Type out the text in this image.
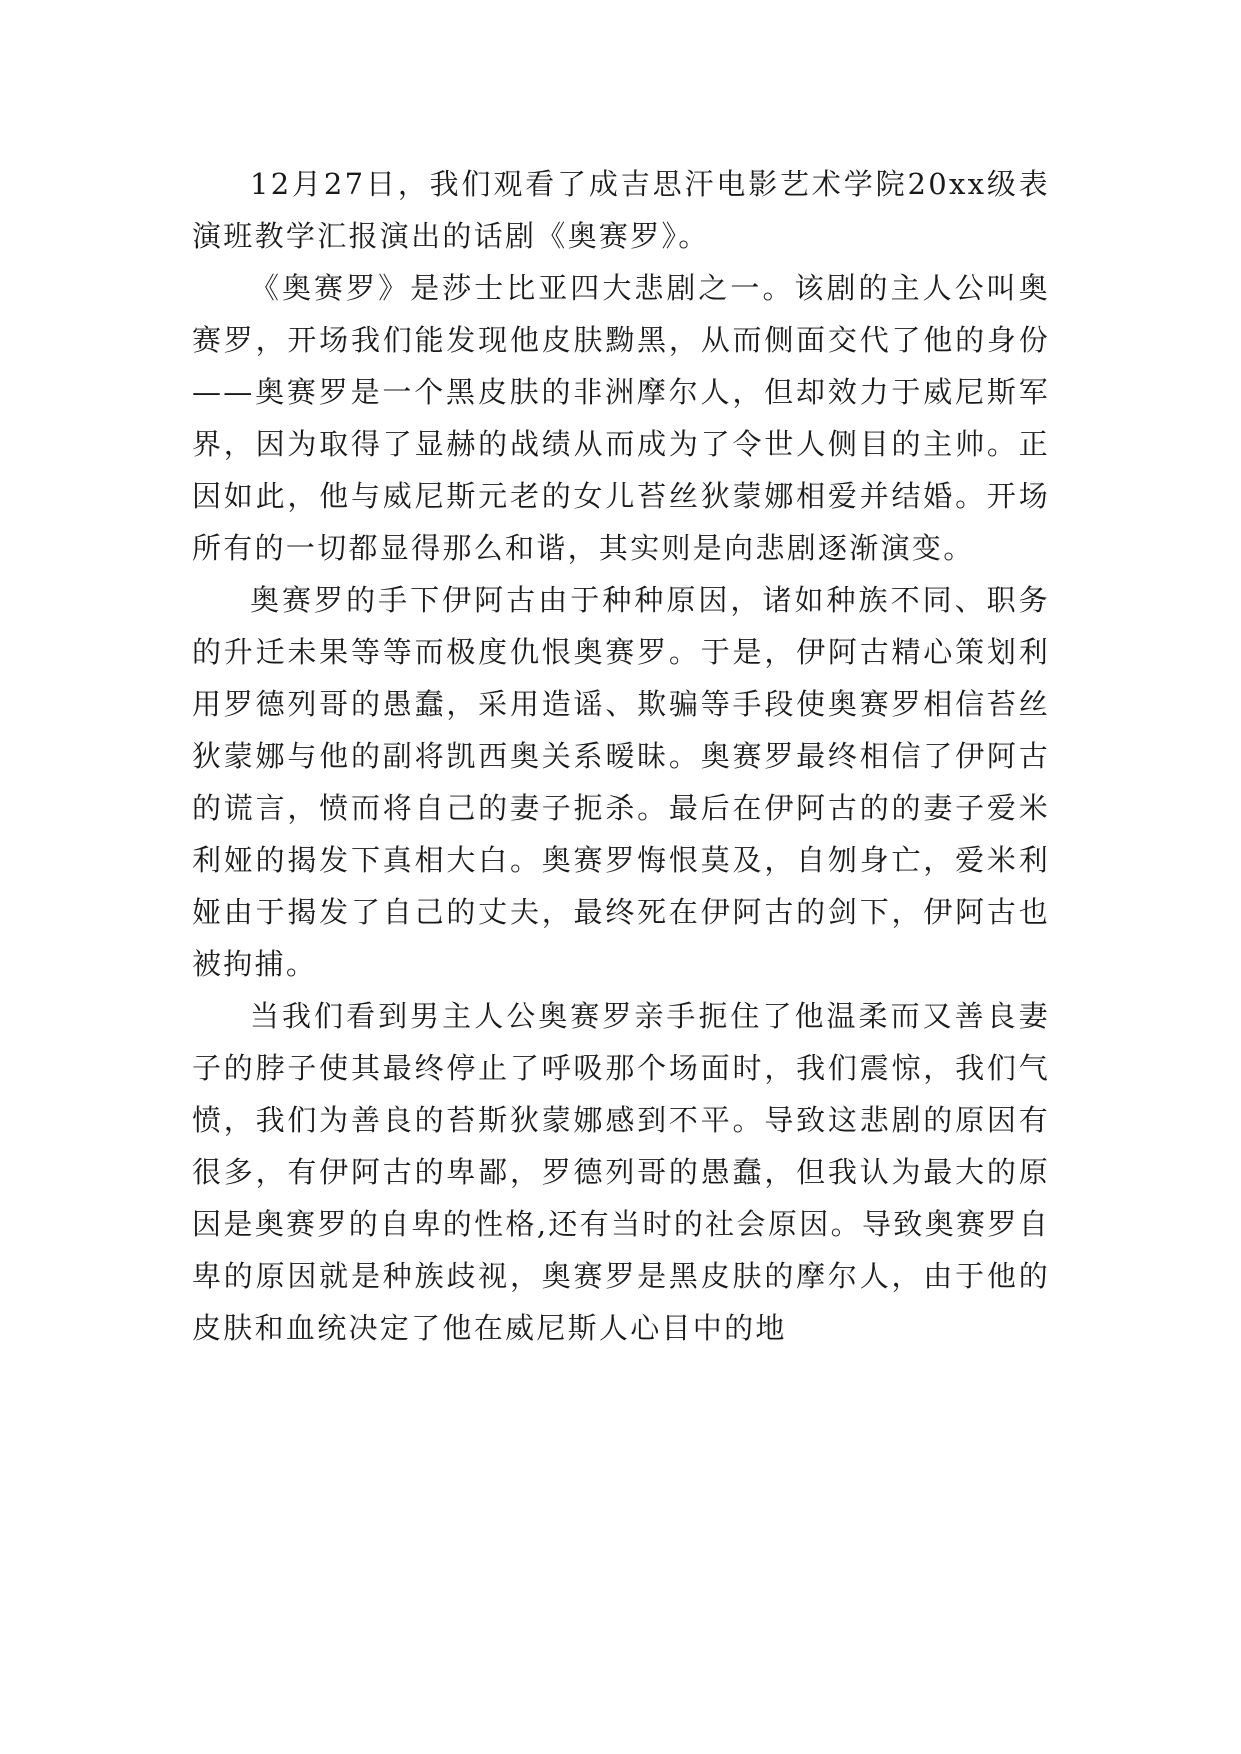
12月27日，我们观看了成吉思汗电影艺术学院20xx级表演班教学汇报演出的话剧《奥赛罗》。

《奥赛罗》是莎士比亚四大悲剧之一。该剧的主人公叫奥赛罗，开场我们能发现他皮肤黝黑，从而侧面交代了他的身份——奥赛罗是一个黑皮肤的非洲摩尔人，但却效力于威尼斯军界，因为取得了显赫的战绩从而成为了令世人侧目的主帅。正因如此，他与威尼斯元老的女儿苔丝狄蒙娜相爱并结婚。开场所有的一切都显得那么和谐，其实则是向悲剧逐渐演变。

奥赛罗的手下伊阿古由于种种原因，诸如种族不同、职务的升迁未果等等而极度仇恨奥赛罗。于是，伊阿古精心策划利用罗德列哥的愚蠢，采用造谣、欺骗等手段使奥赛罗相信苔丝狄蒙娜与他的副将凯西奥关系暧昧。奥赛罗最终相信了伊阿古的谎言，愤而将自己的妻子扼杀。最后在伊阿古的的妻子爱米利娅的揭发下真相大白。奥赛罗悔恨莫及，自刎身亡，爱米利娅由于揭发了自己的丈夫，最终死在伊阿古的剑下，伊阿古也被拘捕。

当我们看到男主人公奥赛罗亲手扼住了他温柔而又善良妻子的脖子使其最终停止了呼吸那个场面时，我们震惊，我们气愤，我们为善良的苔斯狄蒙娜感到不平。导致这悲剧的原因有很多，有伊阿古的卑鄙，罗德列哥的愚蠢，但我认为最大的原因是奥赛罗的自卑的性格,还有当时的社会原因。导致奥赛罗自卑的原因就是种族歧视，奥赛罗是黑皮肤的摩尔人，由于他的皮肤和血统决定了他在威尼斯人心目中的地
